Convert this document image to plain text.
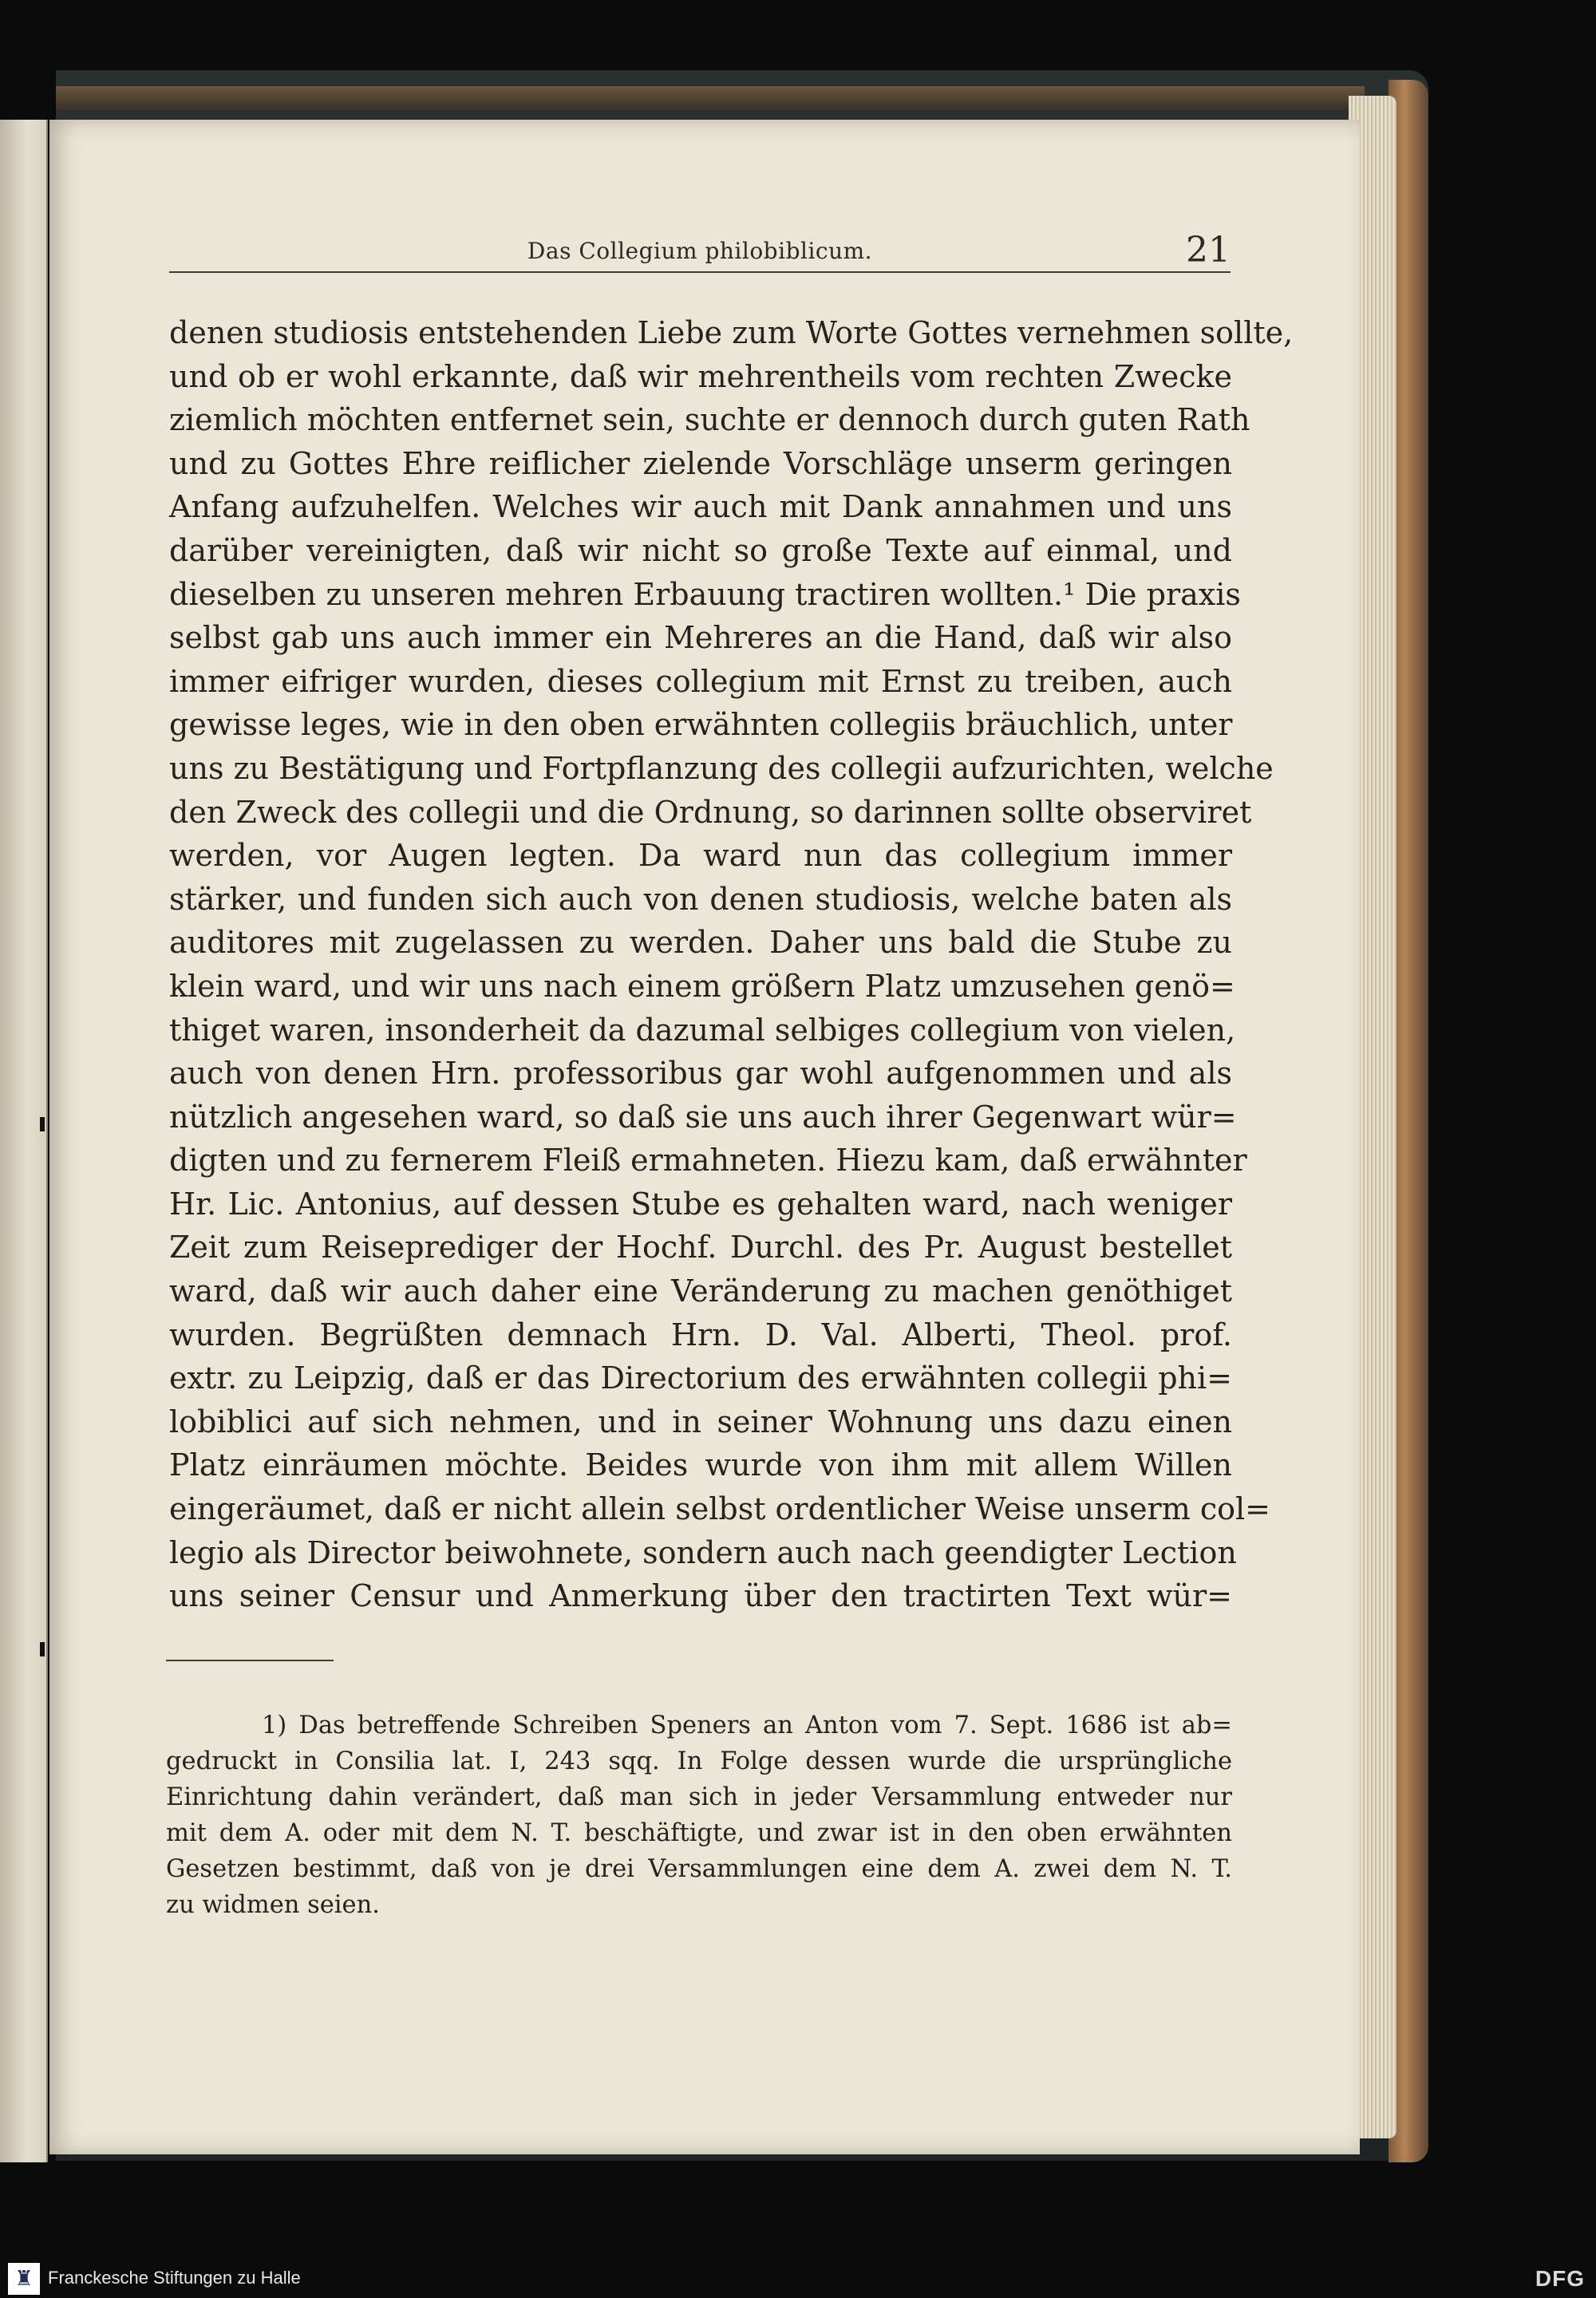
Das Collegium philobiblicum.	21
denen studiosis entstehenden Liebe zum Worte Gottes vernehmen sollte,
und ob er wohl erkannte, daß wir mehrentheils vom rechten Zwecke
ziemlich möchten entfernet sein, suchte er dennoch durch guten Rath
und zu Gottes Ehre reiflicher zielende Vorschläge unserm geringen
Anfang aufzuhelfen. Welches wir auch mit Dank annahmen und uns
darüber vereinigten, daß wir nicht so große Texte auf einmal, und
dieselben zu unseren mehren Erbauung tractiren wollten.¹ Die praxis
selbst gab uns auch immer ein Mehreres an die Hand, daß wir also
immer eifriger wurden, dieses collegium mit Ernst zu treiben, auch
gewisse leges, wie in den oben erwähnten collegiis bräuchlich, unter
uns zu Bestätigung und Fortpflanzung des collegii aufzurichten, welche
den Zweck des collegii und die Ordnung, so darinnen sollte observiret
werden, vor Augen legten. Da ward nun das collegium immer
stärker, und funden sich auch von denen studiosis, welche baten als
auditores mit zugelassen zu werden. Daher uns bald die Stube zu
klein ward, und wir uns nach einem größern Platz umzusehen genö=
thiget waren, insonderheit da dazumal selbiges collegium von vielen,
auch von denen Hrn. professoribus gar wohl aufgenommen und als
nützlich angesehen ward, so daß sie uns auch ihrer Gegenwart wür=
digten und zu fernerem Fleiß ermahneten. Hiezu kam, daß erwähnter
Hr. Lic. Antonius, auf dessen Stube es gehalten ward, nach weniger
Zeit zum Reiseprediger der Hochf. Durchl. des Pr. August bestellet
ward, daß wir auch daher eine Veränderung zu machen genöthiget
wurden. Begrüßten demnach Hrn. D. Val. Alberti, Theol. prof.
extr. zu Leipzig, daß er das Directorium des erwähnten collegii phi=
lobiblici auf sich nehmen, und in seiner Wohnung uns dazu einen
Platz einräumen möchte. Beides wurde von ihm mit allem Willen
eingeräumet, daß er nicht allein selbst ordentlicher Weise unserm col=
legio als Director beiwohnete, sondern auch nach geendigter Lection
uns seiner Censur und Anmerkung über den tractirten Text wür=
1) Das betreffende Schreiben Speners an Anton vom 7. Sept. 1686 ist ab=
gedruckt in Consilia lat. I, 243 sqq. In Folge dessen wurde die ursprüngliche
Einrichtung dahin verändert, daß man sich in jeder Versammlung entweder nur
mit dem A. oder mit dem N. T. beschäftigte, und zwar ist in den oben erwähnten
Gesetzen bestimmt, daß von je drei Versammlungen eine dem A. zwei dem N. T.
zu widmen seien.
♜ Franckesche Stiftungen zu Halle	DFG
